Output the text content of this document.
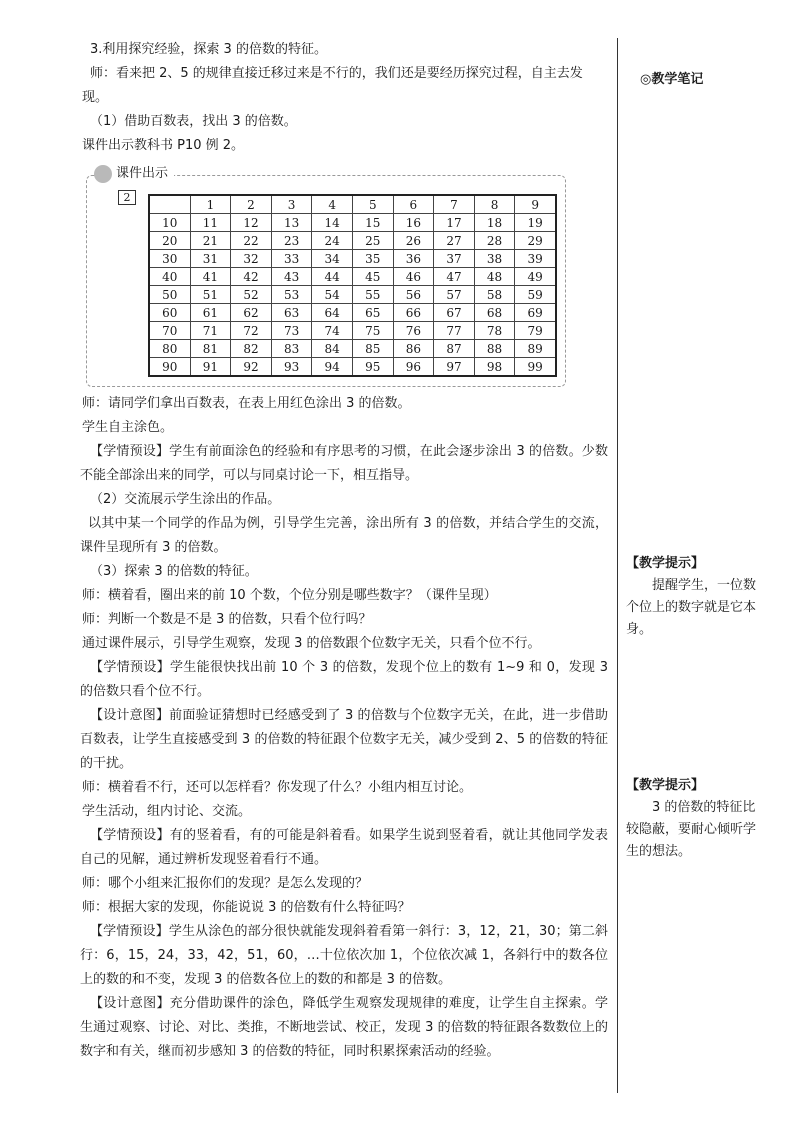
3.利用探究经验，探索 3 的倍数的特征。
师：看来把 2、5 的规律直接迁移过来是不行的，我们还是要经历探究过程，自主去发
现。
（1）借助百数表，找出 3 的倍数。
课件出示教科书 P10 例 2。
师：请同学们拿出百数表，在表上用红色涂出 3 的倍数。
学生自主涂色。
【学情预设】学生有前面涂色的经验和有序思考的习惯，在此会逐步涂出 3 的倍数。少数不能全部涂出来的同学，可以与同桌讨论一下，相互指导。
（2）交流展示学生涂出的作品。
以其中某一个同学的作品为例，引导学生完善，涂出所有 3 的倍数，并结合学生的交流，课件呈现所有 3 的倍数。
（3）探索 3 的倍数的特征。
师：横着看，圈出来的前 10 个数，个位分别是哪些数字？（课件呈现）
师：判断一个数是不是 3 的倍数，只看个位行吗？
通过课件展示，引导学生观察，发现 3 的倍数跟个位数字无关，只看个位不行。
【学情预设】学生能很快找出前 10 个 3 的倍数，发现个位上的数有 1~9 和 0，发现 3 的倍数只看个位不行。
【设计意图】前面验证猜想时已经感受到了 3 的倍数与个位数字无关，在此，进一步借助百数表，让学生直接感受到 3 的倍数的特征跟个位数字无关，减少受到 2、5 的倍数的特征的干扰。
师：横着看不行，还可以怎样看？你发现了什么？小组内相互讨论。
学生活动，组内讨论、交流。
【学情预设】有的竖着看，有的可能是斜着看。如果学生说到竖着看，就让其他同学发表自己的见解，通过辨析发现竖着看行不通。
师：哪个小组来汇报你们的发现？是怎么发现的？
师：根据大家的发现，你能说说 3 的倍数有什么特征吗？
【学情预设】学生从涂色的部分很快就能发现斜着看第一斜行：3，12，21，30；第二斜行：6，15，24，33，42，51，60，…十位依次加 1，个位依次减 1，各斜行中的数各位上的数的和不变，发现 3 的倍数各位上的数的和都是 3 的倍数。
【设计意图】充分借助课件的涂色，降低学生观察发现规律的难度，让学生自主探索。学生通过观察、讨论、对比、类推，不断地尝试、校正，发现 3 的倍数的特征跟各数数位上的数字和有关，继而初步感知 3 的倍数的特征，同时积累探索活动的经验。
课件出示
2
		1	2	3	4	5	6	7	8	9
10	11	12	13	14	15	16	17	18	19
20	21	22	23	24	25	26	27	28	29
30	31	32	33	34	35	36	37	38	39
40	41	42	43	44	45	46	47	48	49
50	51	52	53	54	55	56	57	58	59
60	61	62	63	64	65	66	67	68	69
70	71	72	73	74	75	76	77	78	79
80	81	82	83	84	85	86	87	88	89
90	91	92	93	94	95	96	97	98	99
◎教学笔记
【教学提示】
提醒学生，一位数个位上的数字就是它本身。
【教学提示】
3 的倍数的特征比较隐蔽，要耐心倾听学生的想法。
